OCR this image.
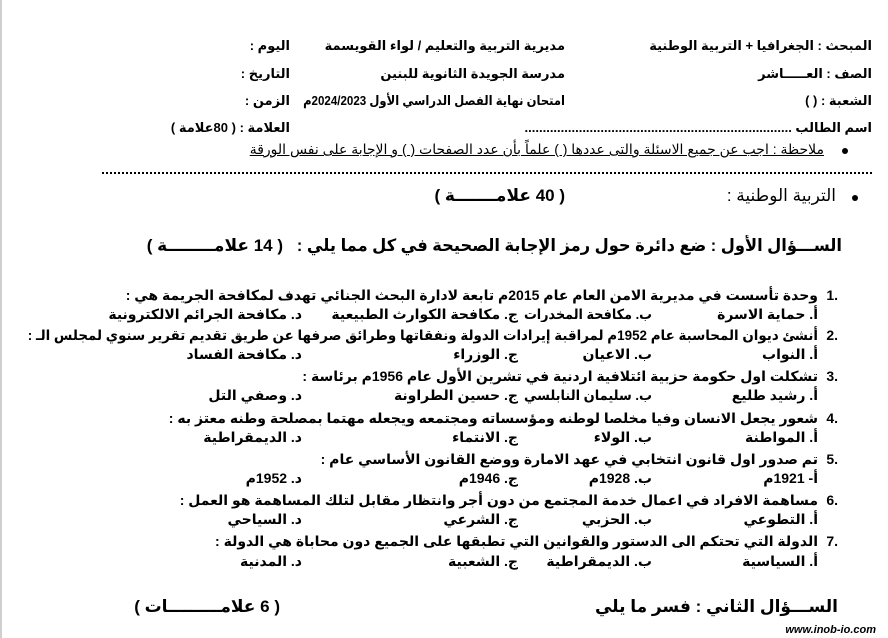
المبحث : الجغرافيا + التربية الوطنية
الصف : العـــــاشر
الشعبة : ( )
اسم الطالب ..........................................................................
مديرية التربية والتعليم / لواء القويسمة
مدرسة الجويدة الثانوية للبنين
امتحان نهاية الفصل الدراسي الأول 2024/2023م
اليوم :
التاريخ :
الزمن :
العلامة : ( 80علامة )
ملاحظة : اجب عن جميع الاسئلة والتى عددها ( ) علماً بأن عدد الصفحات ( ) و الإجابة على نفس الورقة
التربية الوطنية :
( 40 علامـــــــة )
الســـؤال الأول : ضع دائرة حول رمز الإجابة الصحيحة في كل مما يلي :
( 14 علامــــــــة )
1.
وحدة تأسست في مديرية الامن العام عام 2015م تابعة لادارة البحث الجنائي تهدف لمكافحة الجريمة هي :
أ. حماية الاسرة
ب. مكافحة المخدرات
ج. مكافحة الكوارث الطبيعية
د. مكافحة الجرائم الالكترونية
2.
أنشئ ديوان المحاسبة عام 1952م لمراقبة إيرادات الدولة ونفقاتها وطرائق صرفها عن طريق تقديم تقرير سنوي لمجلس الـ :
أ. النواب
ب. الاعيان
ج. الوزراء
د. مكافحة الفساد
3.
تشكلت اول حكومة حزبية ائتلافية اردنية في تشرين الأول عام 1956م برئاسة :
أ. رشيد طليع
ب. سليمان النابلسي
ج. حسين الطراونة
د. وصفي التل
4.
شعور يجعل الانسان وفيا مخلصا لوطنه ومؤسساته ومجتمعه ويجعله مهتما بمصلحة وطنه معتز به :
أ. المواطنة
ب. الولاء
ج. الانتماء
د. الديمقراطية
5.
تم صدور اول قانون انتخابي في عهد الامارة ووضع القانون الأساسي عام :
أ- 1921م
ب. 1928م
ج. 1946م
د. 1952م
6.
مساهمة الافراد في اعمال خدمة المجتمع من دون أجر وانتظار مقابل لتلك المساهمة هو العمل :
أ. التطوعي
ب. الحزبي
ج. الشرعي
د. السياحي
7.
الدولة التي تحتكم الى الدستور والقوانين التي تطبقها على الجميع دون محاباة هي الدولة :
أ. السياسية
ب. الديمقراطية
ج. الشعبية
د. المدنية
الســـؤال الثاني : فسر ما يلي
( 6 علامـــــــــات )
www.inob-io.com
